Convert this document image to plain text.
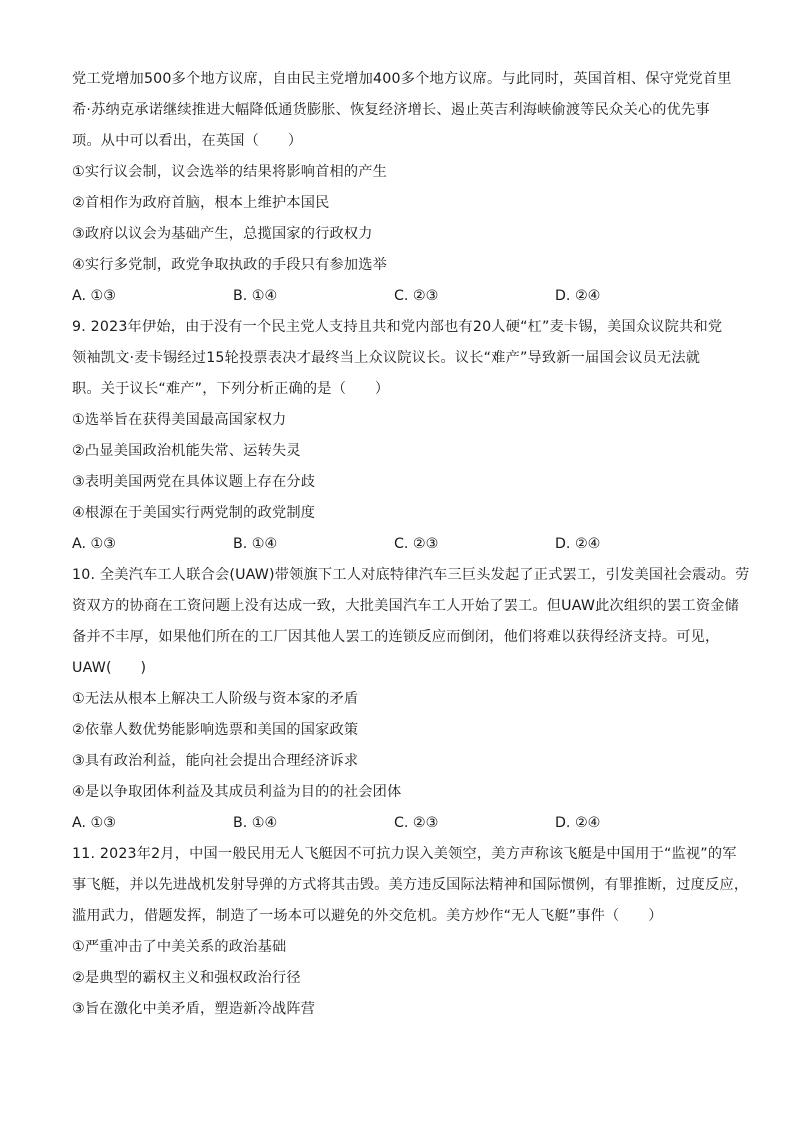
党工党增加500多个地方议席，自由民主党增加400多个地方议席。与此同时，英国首相、保守党党首里
希·苏纳克承诺继续推进大幅降低通货膨胀、恢复经济增长、遏止英吉利海峡偷渡等民众关心的优先事
项。从中可以看出，在英国（　　）
①实行议会制，议会选举的结果将影响首相的产生
②首相作为政府首脑，根本上维护本国民
③政府以议会为基础产生，总揽国家的行政权力
④实行多党制，政党争取执政的手段只有参加选举
A. ①③	B. ①④	C. ②③	D. ②④
9. 2023年伊始，由于没有一个民主党人支持且共和党内部也有20人硬“杠”麦卡锡，美国众议院共和党
领袖凯文·麦卡锡经过15轮投票表决才最终当上众议院议长。议长“难产”导致新一届国会议员无法就
职。关于议长“难产”，下列分析正确的是（　　）
①选举旨在获得美国最高国家权力
②凸显美国政治机能失常、运转失灵
③表明美国两党在具体议题上存在分歧
④根源在于美国实行两党制的政党制度
A. ①③	B. ①④	C. ②③	D. ②④
10. 全美汽车工人联合会(UAW)带领旗下工人对底特律汽车三巨头发起了正式罢工，引发美国社会震动。劳
资双方的协商在工资问题上没有达成一致，大批美国汽车工人开始了罢工。但UAW此次组织的罢工资金储
备并不丰厚，如果他们所在的工厂因其他人罢工的连锁反应而倒闭，他们将难以获得经济支持。可见，
UAW(　　)
①无法从根本上解决工人阶级与资本家的矛盾
②依靠人数优势能影响选票和美国的国家政策
③具有政治利益，能向社会提出合理经济诉求
④是以争取团体利益及其成员利益为目的的社会团体
A. ①③	B. ①④	C. ②③	D. ②④
11. 2023年2月，中国一般民用无人飞艇因不可抗力误入美领空，美方声称该飞艇是中国用于“监视”的军
事飞艇，并以先进战机发射导弹的方式将其击毁。美方违反国际法精神和国际惯例，有罪推断，过度反应，
滥用武力，借题发挥，制造了一场本可以避免的外交危机。美方炒作“无人飞艇”事件（　　）
①严重冲击了中美关系的政治基础
②是典型的霸权主义和强权政治行径
③旨在激化中美矛盾，塑造新冷战阵营
